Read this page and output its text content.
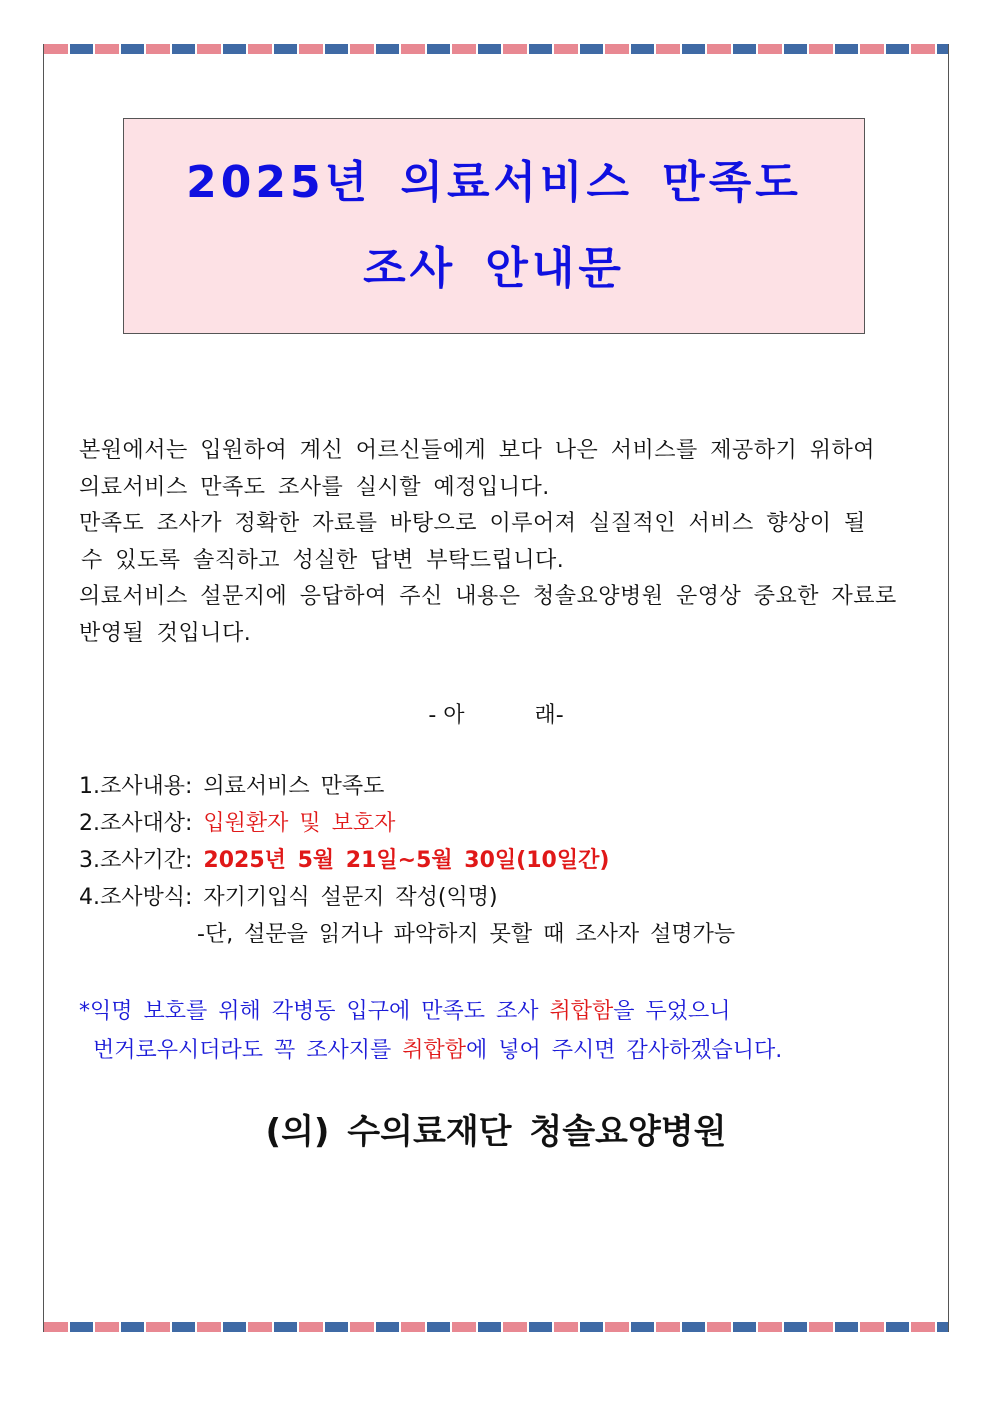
2025년 의료서비스 만족도
조사 안내문

본원에서는 입원하여 계신 어르신들에게 보다 나은 서비스를 제공하기 위하여

의료서비스 만족도 조사를 실시할 예정입니다.

만족도 조사가 정확한 자료를 바탕으로 이루어져 실질적인 서비스 향상이 될

수 있도록 솔직하고 성실한 답변 부탁드립니다.

의료서비스 설문지에 응답하여 주신 내용은 청솔요양병원 운영상 중요한 자료로

반영될 것입니다.

- 아          래-
1.조사내용: 의료서비스 만족도
2.조사대상: 입원환자 및 보호자
3.조사기간: 2025년 5월 21일~5월 30일(10일간)
4.조사방식: 자기기입식 설문지 작성(익명)
-단, 설문을 읽거나 파악하지 못할 때 조사자 설명가능
*익명 보호를 위해 각병동 입구에 만족도 조사 취합함을 두었으니
번거로우시더라도 꼭 조사지를 취합함에 넣어 주시면 감사하겠습니다.
(의) 수의료재단 청솔요양병원
